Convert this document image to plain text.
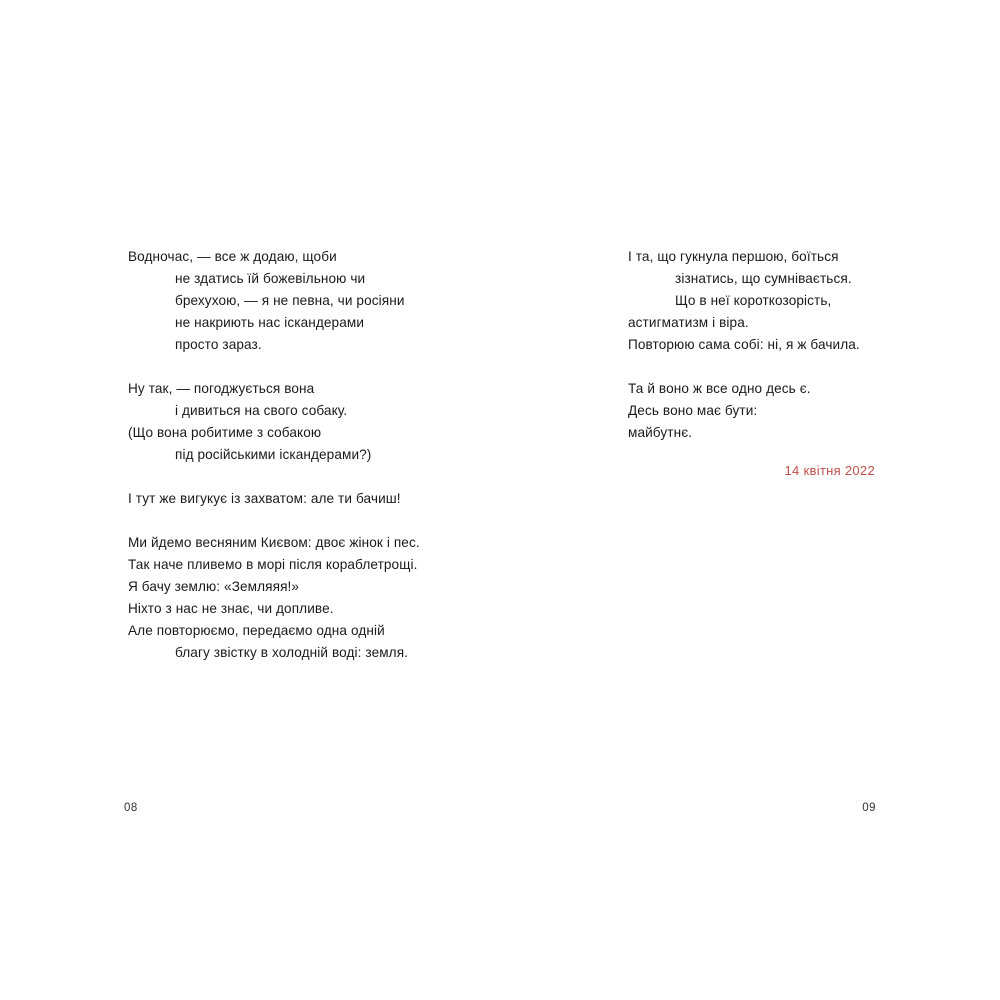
Водночас, — все ж додаю, щоби
не здатись їй божевільною чи
брехухою, — я не певна, чи росіяни
не накриють нас іскандерами
просто зараз.
Ну так, — погоджується вона
і дивиться на свого собаку.
(Що вона робитиме з собакою
під російськими іскандерами?)
І тут же вигукує із захватом: але ти бачиш!
Ми йдемо весняним Києвом: двоє жінок і пес.
Так наче пливемо в морі після кораблетрощі.
Я бачу землю: «Земляяя!»
Ніхто з нас не знає, чи допливе.
Але повторюємо, передаємо одна одній
благу звістку в холодній воді: земля.
08
І та, що гукнула першою, боїться
зізнатись, що сумнівається.
Що в неї короткозорість,
астигматизм і віра.
Повторюю сама собі: ні, я ж бачила.
Та й воно ж все одно десь є.
Десь воно має бути:
майбутнє.
14 квітня 2022
09
